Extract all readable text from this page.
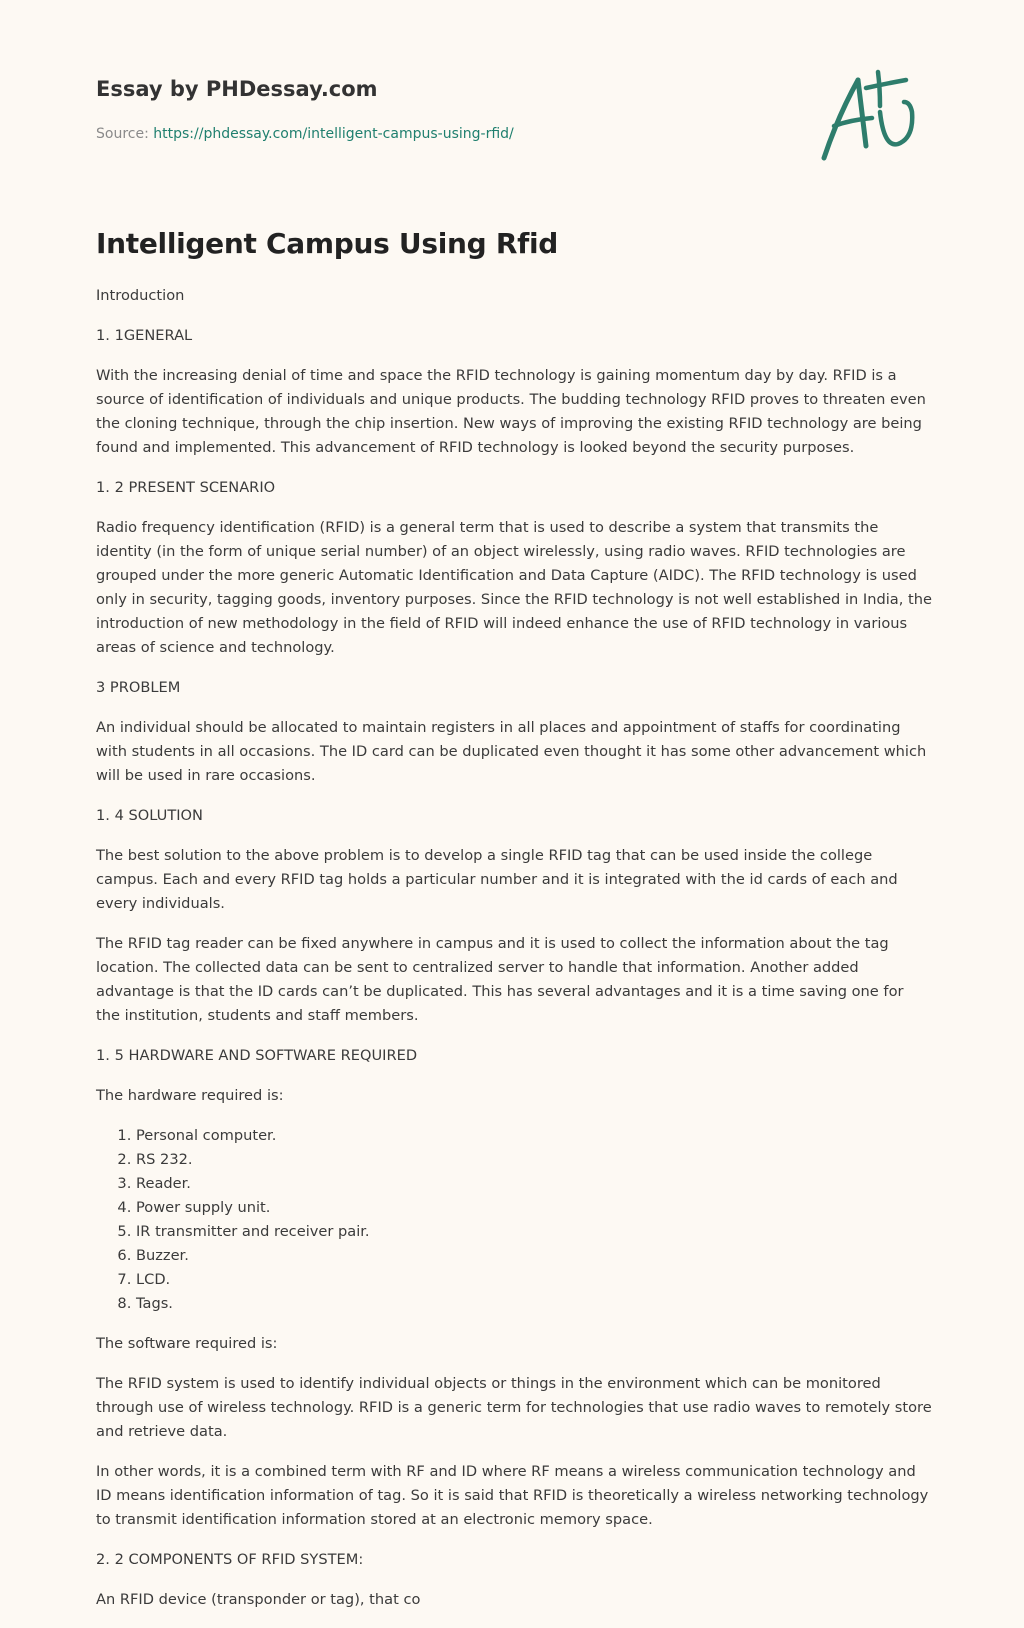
Essay by PHDessay.com
Source: https://phdessay.com/intelligent-campus-using-rfid/
Intelligent Campus Using Rfid

Introduction

1. 1GENERAL

With the increasing denial of time and space the RFID technology is gaining momentum day by day. RFID is a source of identification of individuals and unique products. The budding technology RFID proves to threaten even the cloning technique, through the chip insertion. New ways of improving the existing RFID technology are being found and implemented. This advancement of RFID technology is looked beyond the security purposes.

1. 2 PRESENT SCENARIO

Radio frequency identification (RFID) is a general term that is used to describe a system that transmits the identity (in the form of unique serial number) of an object wirelessly, using radio waves. RFID technologies are grouped under the more generic Automatic Identification and Data Capture (AIDC). The RFID technology is used only in security, tagging goods, inventory purposes. Since the RFID technology is not well established in India, the introduction of new methodology in the field of RFID will indeed enhance the use of RFID technology in various areas of science and technology.

3 PROBLEM

An individual should be allocated to maintain registers in all places and appointment of staffs for coordinating with students in all occasions. The ID card can be duplicated even thought it has some other advancement which will be used in rare occasions.

1. 4 SOLUTION

The best solution to the above problem is to develop a single RFID tag that can be used inside the college campus. Each and every RFID tag holds a particular number and it is integrated with the id cards of each and every individuals.

The RFID tag reader can be fixed anywhere in campus and it is used to collect the information about the tag location. The collected data can be sent to centralized server to handle that information. Another added advantage is that the ID cards can’t be duplicated. This has several advantages and it is a time saving one for the institution, students and staff members.

1. 5 HARDWARE AND SOFTWARE REQUIRED

The hardware required is:

1. Personal computer.
2. RS 232.
3. Reader.
4. Power supply unit.
5. IR transmitter and receiver pair.
6. Buzzer.
7. LCD.
8. Tags.

The software required is:

The RFID system is used to identify individual objects or things in the environment which can be monitored through use of wireless technology. RFID is a generic term for technologies that use radio waves to remotely store and retrieve data.

In other words, it is a combined term with RF and ID where RF means a wireless communication technology and ID means identification information of tag. So it is said that RFID is theoretically a wireless networking technology to transmit identification information stored at an electronic memory space.

2. 2 COMPONENTS OF RFID SYSTEM:

An RFID device (transponder or tag), that co
